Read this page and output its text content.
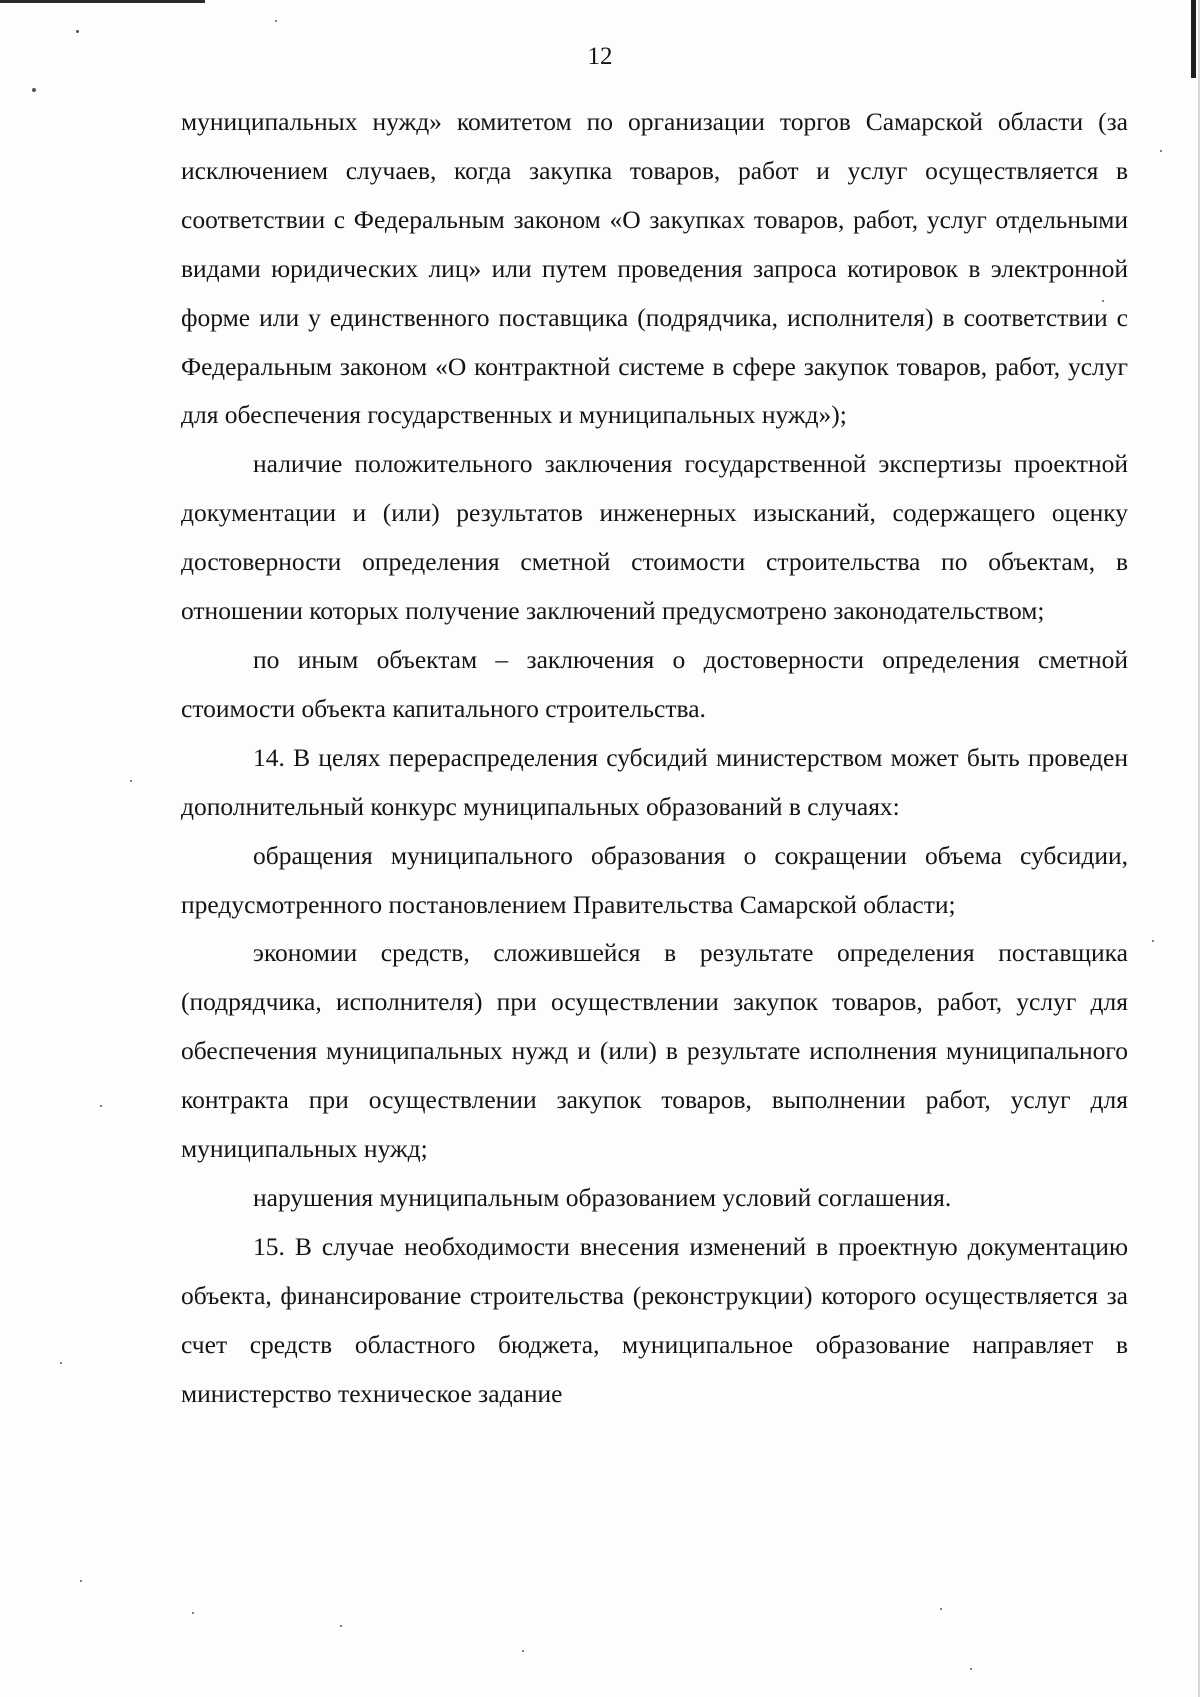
12

муниципальных нужд» комитетом по организации торгов Самарской области (за исключением случаев, когда закупка товаров, работ и услуг осуществляется в соответствии с Федеральным законом «О закупках товаров, работ, услуг отдельными видами юридических лиц» или путем проведения запроса котировок в электронной форме или у единственного поставщика (подрядчика, исполнителя) в соответствии с Федеральным законом «О контрактной системе в сфере закупок товаров, работ, услуг для обеспечения государственных и муниципальных нужд»);

наличие положительного заключения государственной экспертизы проектной документации и (или) результатов инженерных изысканий, содержащего оценку достоверности определения сметной стоимости строительства по объектам, в отношении которых получение заключений предусмотрено законодательством;

по иным объектам – заключения о достоверности определения сметной стоимости объекта капитального строительства.

14. В целях перераспределения субсидий министерством может быть проведен дополнительный конкурс муниципальных образований в случаях:

обращения муниципального образования о сокращении объема субсидии, предусмотренного постановлением Правительства Самарской области;

экономии средств, сложившейся в результате определения поставщика (подрядчика, исполнителя) при осуществлении закупок товаров, работ, услуг для обеспечения муниципальных нужд и (или) в результате исполнения муниципального контракта при осуществлении закупок товаров, выполнении работ, услуг для муниципальных нужд;

нарушения муниципальным образованием условий соглашения.

15. В случае необходимости внесения изменений в проектную документацию объекта, финансирование строительства (реконструкции) которого осуществляется за счет средств областного бюджета, муниципальное образование направляет в министерство техническое задание
